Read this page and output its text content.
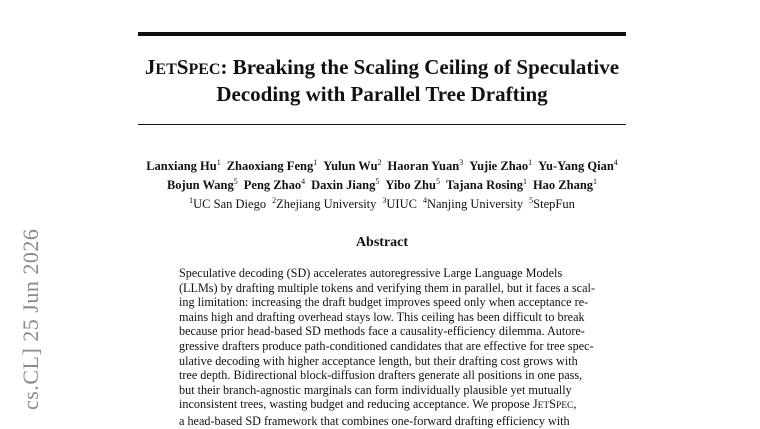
JETSPEC: Breaking the Scaling Ceiling of Speculative
Decoding with Parallel Tree Drafting
Lanxiang Hu$^1$ Zhaoxiang Feng$^1$ Yulun Wu$^2$ Haoran Yuan$^3$ Yujie Zhao$^1$ Yu-Yang Qian$^4$
Bojun Wang$^5$ Peng Zhao$^4$ Daxin Jiang$^5$ Yibo Zhu$^5$ Tajana Rosing$^1$ Hao Zhang$^1$
$^1$UC San Diego $^2$Zhejiang University $^3$UIUC $^4$Nanjing University $^5$StepFun
Abstract
Speculative decoding (SD) accelerates autoregressive Large Language Models
(LLMs) by drafting multiple tokens and verifying them in parallel, but it faces a scal-
ing limitation: increasing the draft budget improves speed only when acceptance re-
mains high and drafting overhead stays low. This ceiling has been difficult to break
because prior head-based SD methods face a causality-efficiency dilemma. Autore-
gressive drafters produce path-conditioned candidates that are effective for tree spec-
ulative decoding with higher acceptance length, but their drafting cost grows with
tree depth. Bidirectional block-diffusion drafters generate all positions in one pass,
but their branch-agnostic marginals can form individually plausible yet mutually
inconsistent trees, wasting budget and reducing acceptance. We propose JETSPEC,
a head-based SD framework that combines one-forward drafting efficiency with
cs.CL] 25 Jun 2026
